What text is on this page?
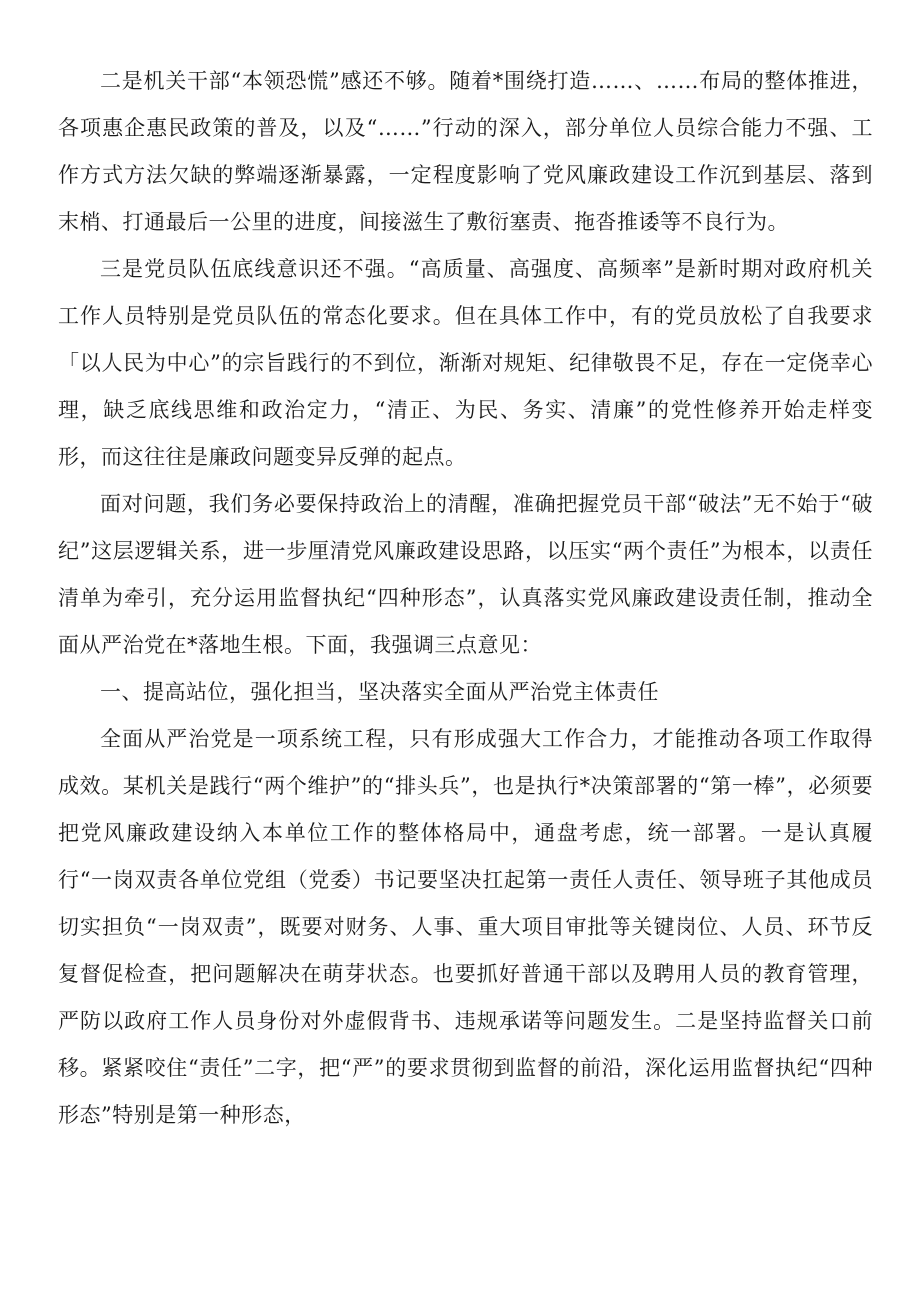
二是机关干部“本领恐慌”感还不够。随着*围绕打造……、……布局的整体推进，各项惠企惠民政策的普及，以及“……”行动的深入，部分单位人员综合能力不强、工作方式方法欠缺的弊端逐渐暴露，一定程度影响了党风廉政建设工作沉到基层、落到末梢、打通最后一公里的进度，间接滋生了敷衍塞责、拖沓推诿等不良行为。

三是党员队伍底线意识还不强。“高质量、高强度、高频率”是新时期对政府机关工作人员特别是党员队伍的常态化要求。但在具体工作中，有的党员放松了自我要求「以人民为中心”的宗旨践行的不到位，渐渐对规矩、纪律敬畏不足，存在一定侥幸心理，缺乏底线思维和政治定力，“清正、为民、务实、清廉”的党性修养开始走样变形，而这往往是廉政问题变异反弹的起点。

面对问题，我们务必要保持政治上的清醒，准确把握党员干部“破法”无不始于“破纪”这层逻辑关系，进一步厘清党风廉政建设思路，以压实“两个责任”为根本，以责任清单为牵引，充分运用监督执纪“四种形态”，认真落实党风廉政建设责任制，推动全面从严治党在*落地生根。下面，我强调三点意见：

一、提高站位，强化担当，坚决落实全面从严治党主体责任

全面从严治党是一项系统工程，只有形成强大工作合力，才能推动各项工作取得成效。某机关是践行“两个维护”的“排头兵”，也是执行*决策部署的“第一棒”，必须要把党风廉政建设纳入本单位工作的整体格局中，通盘考虑，统一部署。一是认真履行“一岗双责各单位党组（党委）书记要坚决扛起第一责任人责任、领导班子其他成员切实担负“一岗双责”，既要对财务、人事、重大项目审批等关键岗位、人员、环节反复督促检查，把问题解决在萌芽状态。也要抓好普通干部以及聘用人员的教育管理，严防以政府工作人员身份对外虚假背书、违规承诺等问题发生。二是坚持监督关口前移。紧紧咬住“责任”二字，把“严”的要求贯彻到监督的前沿，深化运用监督执纪“四种形态”特别是第一种形态，
